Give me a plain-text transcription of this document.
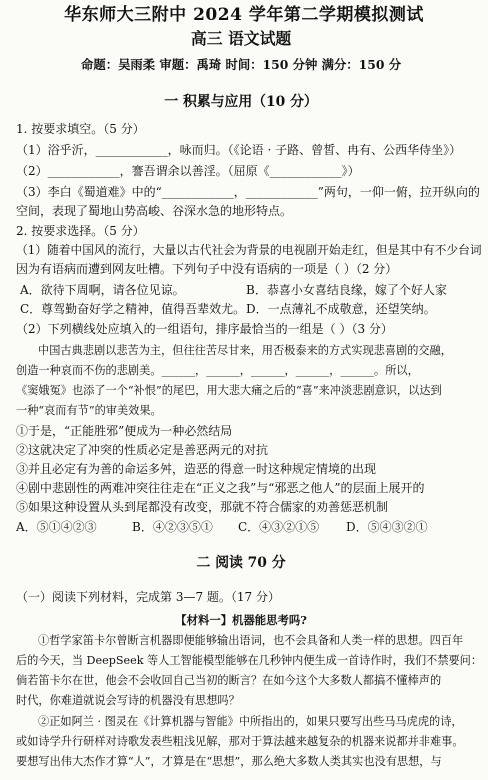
华东师大三附中 2024 学年第二学期模拟测试
高三 语文试题
命题：吴雨柔 审题：禹琦 时间：150 分钟 满分：150 分
一 积累与应用（10 分）
1. 按要求填空。（5 分）
（1）浴乎沂，____________，咏而归。（《论语 · 子路、曾皙、冉有、公西华侍坐》）
（2）____________，謇吾谓余以善淫。（屈原《____________》）
（3）李白《蜀道难》中的“____________，____________”两句，一仰一俯，拉开纵向的
空间，表现了蜀地山势高峻、谷深水急的地形特点。
2. 按要求选择。（5 分）
（1）随着中国风的流行，大量以古代社会为背景的电视剧开始走红，但是其中有不少台词
因为有语病而遭到网友吐槽。下列句子中没有语病的一项是（ ）（2 分）
A．欲待下周啊，请各位见谅。	B．恭喜小女喜结良缘，嫁了个好人家
C．尊驾勤奋好学之精神，值得吾辈效尤。 D．一点薄礼不成敬意，还望笑纳。
（2）下列横线处应填入的一组语句，排序最恰当的一组是（ ）（3 分）
中国古典悲剧以悲苦为主，但往往苦尽甘来，用否极泰来的方式实现悲喜剧的交融，
创造一种哀而不伤的悲剧美。______，______，______，______，______。所以，
《窦娥冤》也添了一个“补恨”的尾巴，用大悲大痛之后的“喜”来冲淡悲剧意识，以达到
一种“哀而有节”的审美效果。
①于是，“正能胜邪”便成为一种必然结局
②这就决定了冲突的性质必定是善恶两元的对抗
③并且必定有为善的命运多舛，造恶的得意一时这种规定情境的出现
④剧中悲剧性的两难冲突往往走在“正义之我”与“邪恶之他人”的层面上展开的
⑤如果这种设置从头到尾都没有改变，那就不符合儒家的劝善惩恶机制
A．⑤①④②③	B．④②③⑤① C．④③②①⑤ D．⑤④③②①
二 阅读 70 分
（一）阅读下列材料，完成第 3—7 题。（17 分）
【材料一】机器能思考吗?
①哲学家笛卡尔曾断言机器即便能够输出语词，也不会具备和人类一样的思想。四百年
后的今天，当 DeepSeek 等人工智能模型能够在几秒钟内便生成一首诗作时，我们不禁要问：
倘若笛卡尔在世，他会不会收回自己当初的断言？在如今这个大多数人都搞不懂棒声的
时代，你难道就说会写诗的机器没有思想吗？
②正如阿兰 · 图灵在《计算机器与智能》中所指出的，如果只要写出些马马虎虎的诗，
或如诗学升行研样对诗歌发表些粗浅见解，那对于算法越来越复杂的机器来说都并非难事。
要想写出伟大杰作才算“人”，才算是在“思想”，那么绝大多数人类其实也没有思想，与
